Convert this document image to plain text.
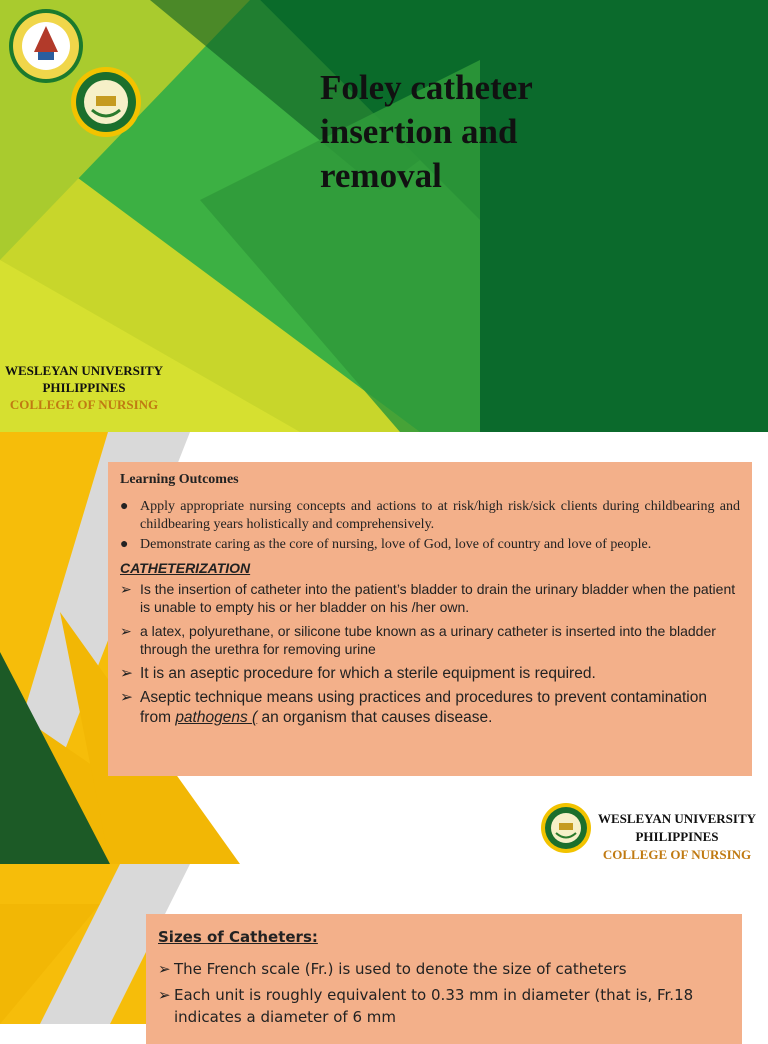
Foley catheter insertion and removal
WESLEYAN UNIVERSITY
PHILIPPINES
COLLEGE OF NURSING
Learning Outcomes
● Apply appropriate nursing concepts and actions to at risk/high risk/sick clients during childbearing and childbearing years holistically and comprehensively.
● Demonstrate caring as the core of nursing, love of God, love of country and love of people.
CATHETERIZATION
➢ Is the insertion of catheter into the patient’s bladder to drain the urinary bladder when the patient is unable to empty his or her bladder on his /her own.
➢ a latex, polyurethane, or silicone tube known as a urinary catheter is inserted into the bladder through the urethra for removing urine
➢ It is an aseptic procedure for which a sterile equipment is required.
➢ Aseptic technique means using practices and procedures to prevent contamination from pathogens ( an organism that causes disease.
WESLEYAN UNIVERSITY
PHILIPPINES
COLLEGE OF NURSING
Sizes of Catheters:
➢ The French scale (Fr.) is used to denote the size of catheters
➢ Each unit is roughly equivalent to 0.33 mm in diameter (that is, Fr.18 indicates a diameter of 6 mm
